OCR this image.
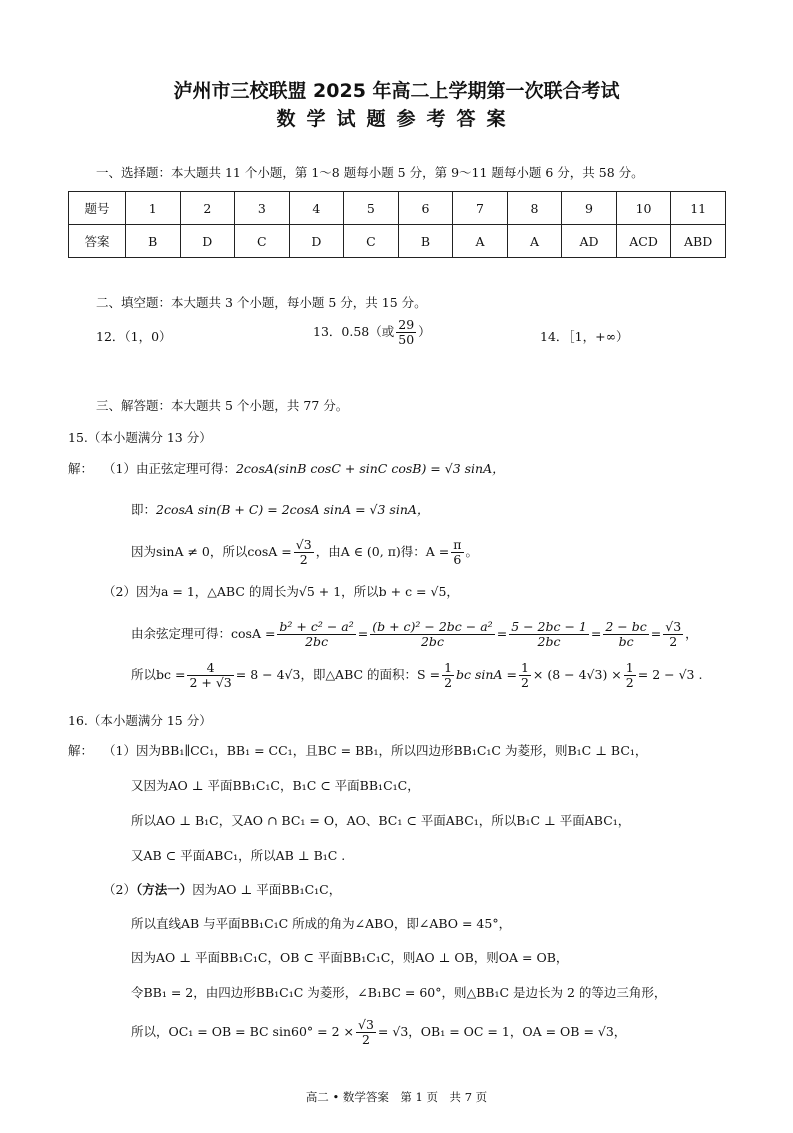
泸州市三校联盟 2025 年高二上学期第一次联合考试
数学试题参考答案
一、选择题：本大题共 11 个小题，第 1～8 题每小题 5 分，第 9～11 题每小题 6 分，共 58 分。
题号	1	2	3	4	5	6	7	8	9	10	11
答案	B	D	C	D	C	B	A	A	AD	ACD	ABD
二、填空题：本大题共 3 个小题，每小题 5 分，共 15 分。
12．（1，0）	13．0.58（或 $\frac{29}{50}$ ）	14．［1，+∞）
三、解答题：本大题共 5 个小题，共 77 分。
15.（本小题满分 13 分）
解： （1）由正弦定理可得：2cosA(sinB cosC + sinC cosB) = √3 sinA，
即：2cosA sin(B + C) = 2cosA sinA = √3 sinA，
因为sinA ≠ 0，所以$\cos A = \frac{√3}{2}$ ，由A ∈ (0, π)得：$A = \frac{\pi}{6}$ 。
（2）因为a = 1，△ABC 的周长为√5 + 1，所以b + c = √5，
由余弦定理可得：$\cos A = \frac{\text{b² + c² − a²}}{2bc} = \frac{\text{(b + c)² − 2bc − a²}}{2bc} = \frac{5 - 2bc - 1}{2bc} = \frac{2 - bc}{bc} = \frac{√3}{2}$ ，
所以bc = $\frac{4}{2 + √3} = 8 - 4√3$，即△ABC 的面积：$S = \frac{1}{2}$ bc $\sin A = \frac{1}{2} \times (8 - 4√3) \times \frac{1}{2} = 2 - √3$ .
16.（本小题满分 15 分）
解： （1）因为BB₁∥CC₁，BB₁ = CC₁，且BC = BB₁，所以四边形BB₁C₁C 为菱形，则B₁C ⊥ BC₁，
又因为AO ⊥ 平面BB₁C₁C，B₁C ⊂ 平面BB₁C₁C，
所以AO ⊥ B₁C，又AO ∩ BC₁ = O，AO、BC₁ ⊂ 平面ABC₁，所以B₁C ⊥ 平面ABC₁，
又AB ⊂ 平面ABC₁，所以AB ⊥ B₁C .
（2）（方法一）因为AO ⊥ 平面BB₁C₁C，
所以直线AB 与平面BB₁C₁C 所成的角为∠ABO，即∠ABO = 45°，
因为AO ⊥ 平面BB₁C₁C，OB ⊂ 平面BB₁C₁C，则AO ⊥ OB，则OA = OB，
令BB₁ = 2，由四边形BB₁C₁C 为菱形，∠B₁BC = 60°，则△BB₁C 是边长为 2 的等边三角形，
所以，OC₁ = OB = BC $\sin 60^\circ = 2 \times \frac{√3}{2} = √3$，OB₁ = OC = 1，OA = OB = √3，
高二 • 数学答案　第 1 页　共 7 页
